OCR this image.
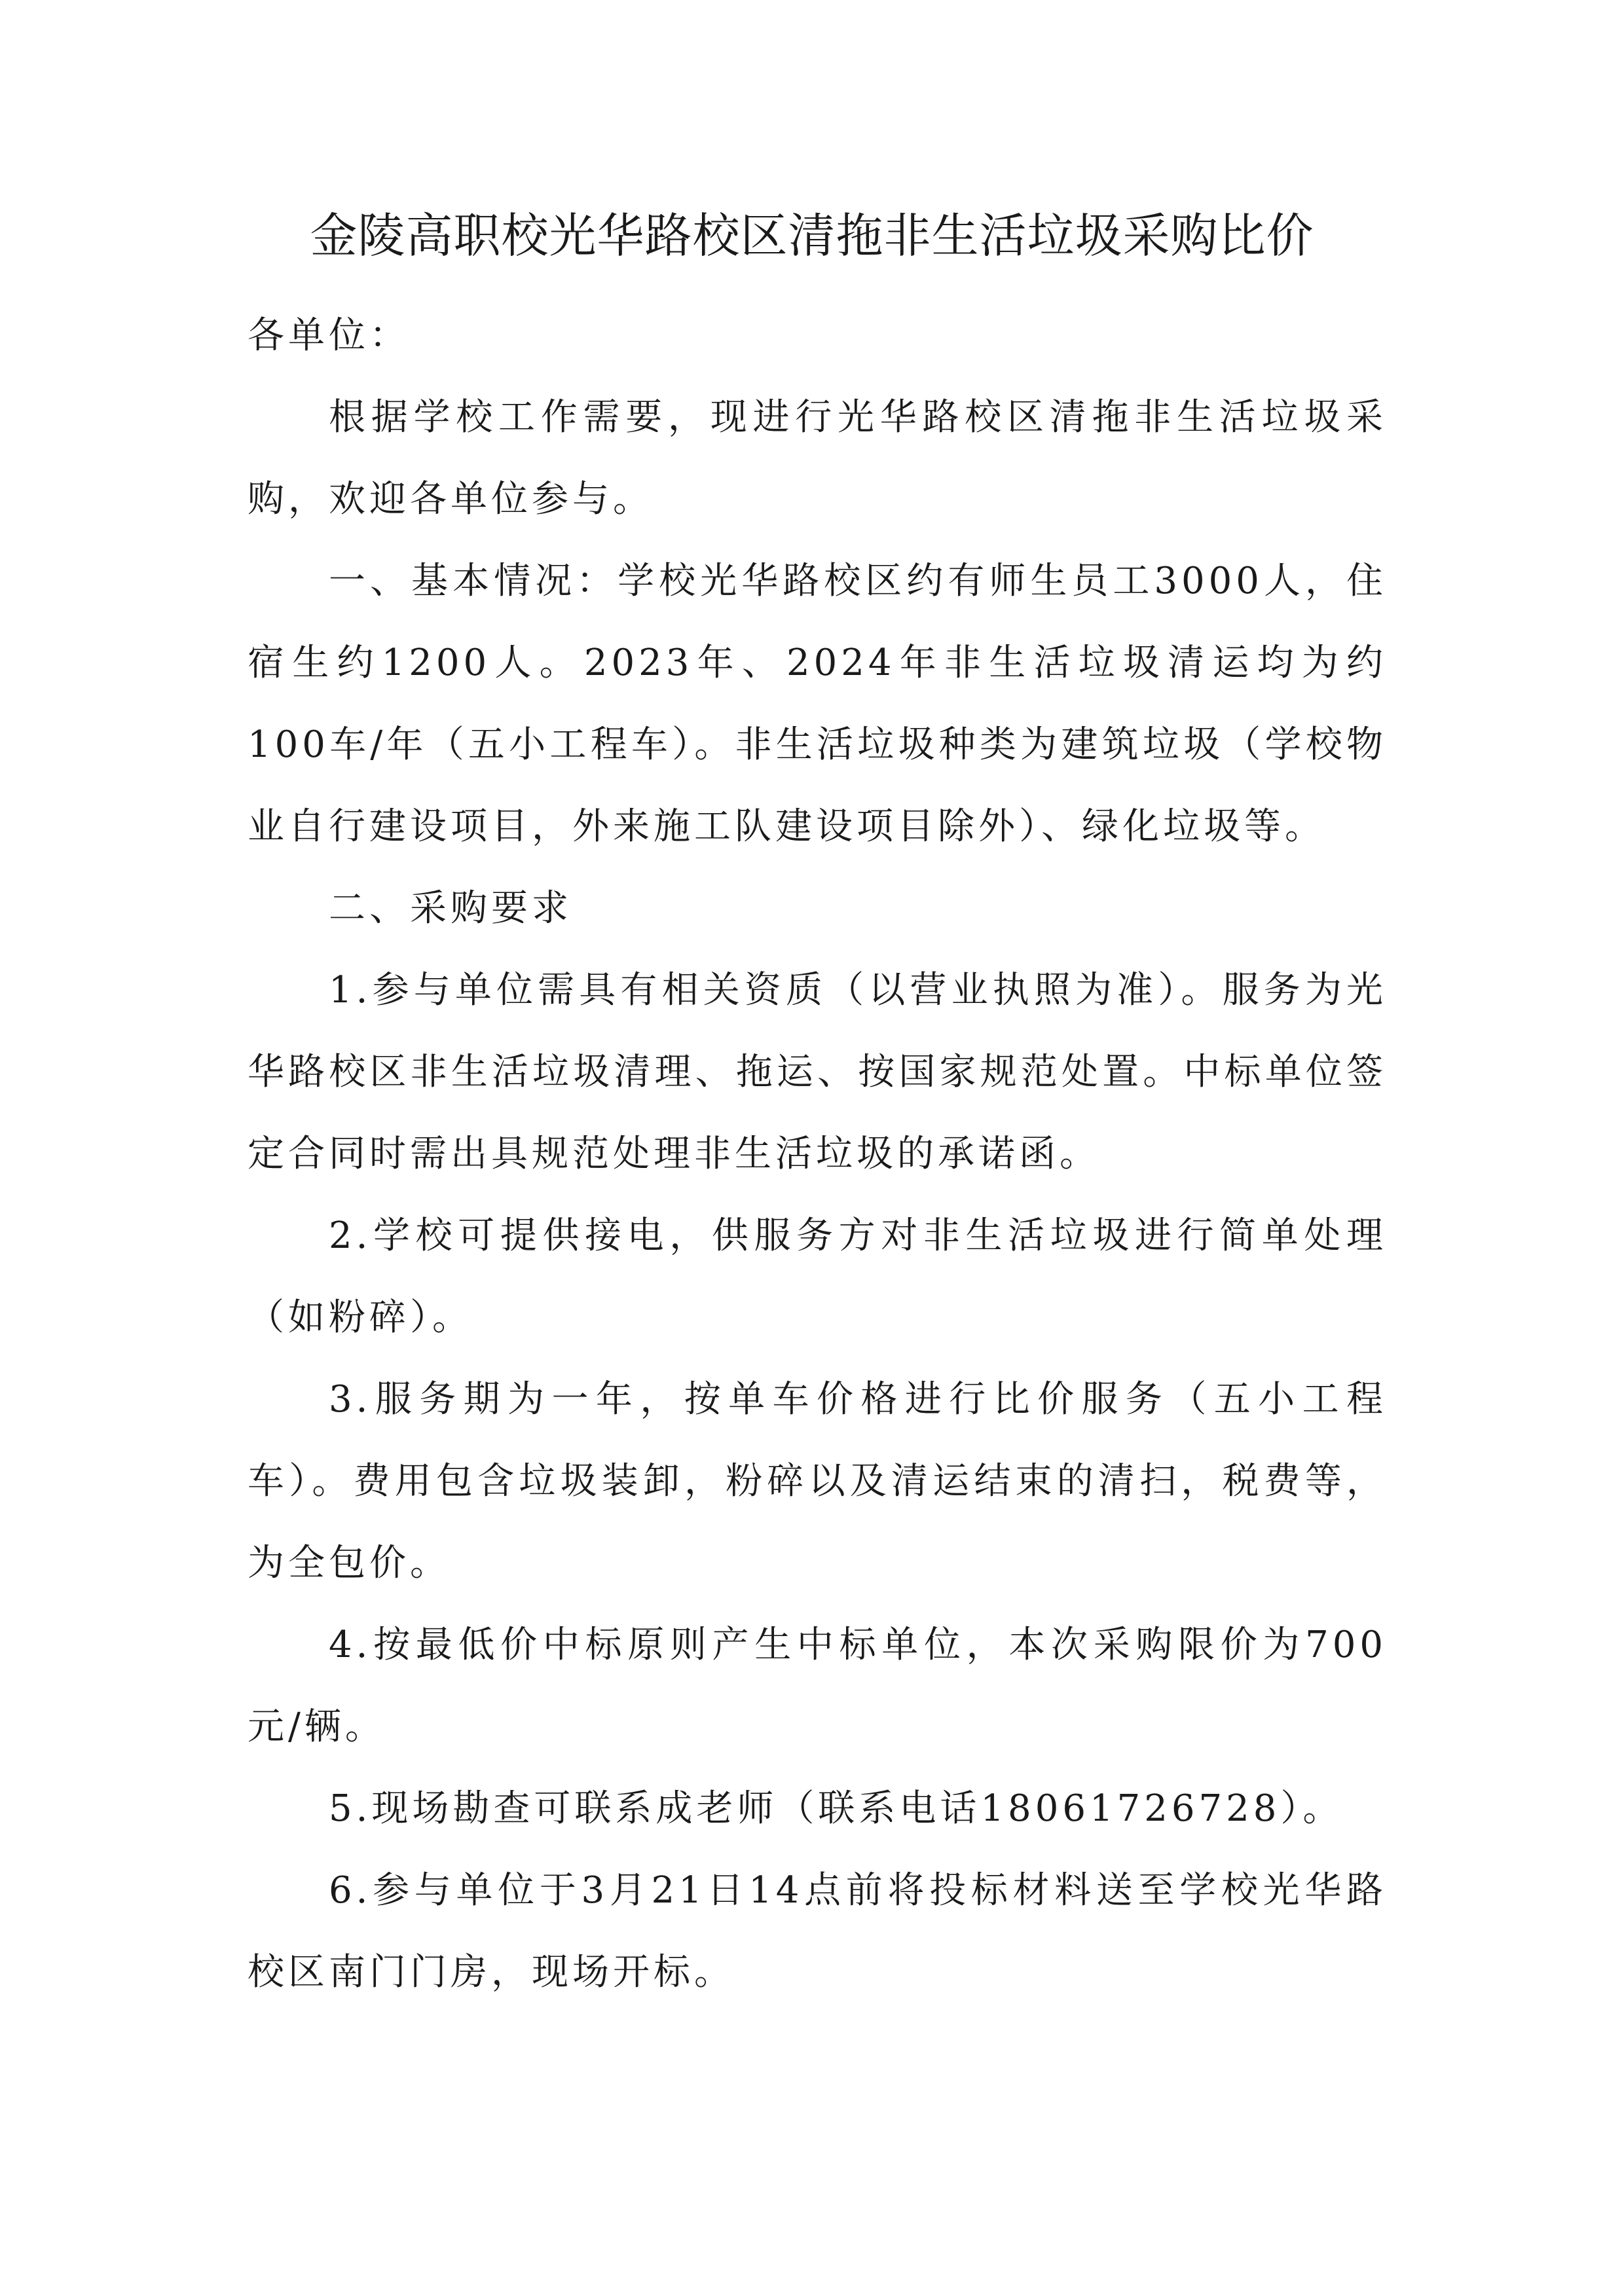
金陵高职校光华路校区清拖非生活垃圾采购比价

各单位：

根据学校工作需要，现进行光华路校区清拖非生活垃圾采购，欢迎各单位参与。

一、基本情况：学校光华路校区约有师生员工3000人，住宿生约1200人。2023年、2024年非生活垃圾清运均为约100车/年（五小工程车）。非生活垃圾种类为建筑垃圾（学校物业自行建设项目，外来施工队建设项目除外）、绿化垃圾等。

二、采购要求

1.参与单位需具有相关资质（以营业执照为准）。服务为光华路校区非生活垃圾清理、拖运、按国家规范处置。中标单位签定合同时需出具规范处理非生活垃圾的承诺函。

2.学校可提供接电，供服务方对非生活垃圾进行简单处理（如粉碎）。

3.服务期为一年，按单车价格进行比价服务（五小工程车）。费用包含垃圾装卸，粉碎以及清运结束的清扫，税费等，为全包价。

4.按最低价中标原则产生中标单位，本次采购限价为700元/辆。

5.现场勘查可联系成老师（联系电话18061726728）。

6.参与单位于3月21日14点前将投标材料送至学校光华路校区南门门房，现场开标。
